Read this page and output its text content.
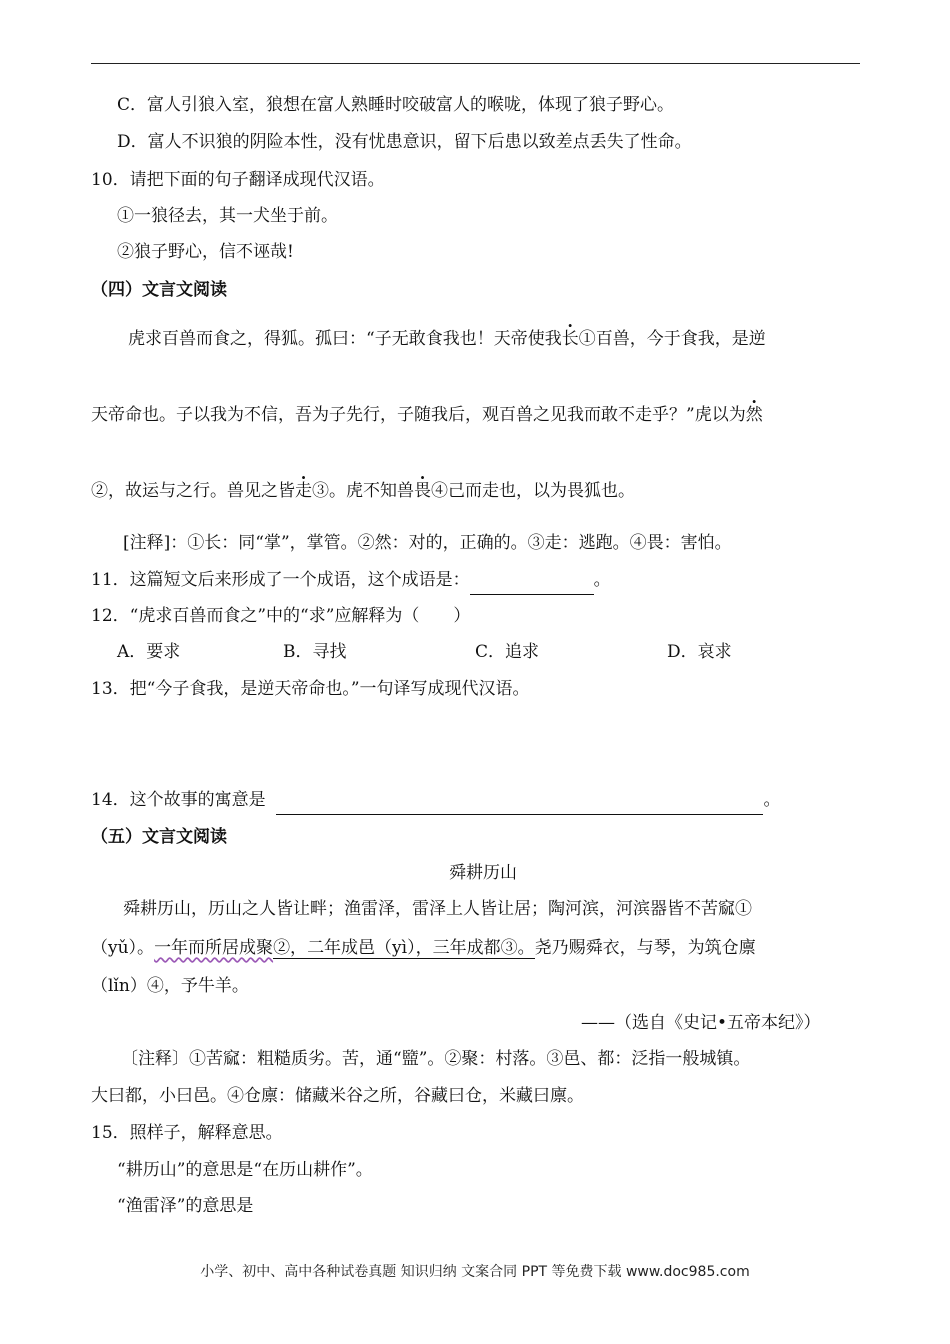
C．富人引狼入室，狼想在富人熟睡时咬破富人的喉咙，体现了狼子野心。
D．富人不识狼的阴险本性，没有忧患意识，留下后患以致差点丢失了性命。
10．请把下面的句子翻译成现代汉语。
①一狼径去，其一犬坐于前。
②狼子野心，信不诬哉!
（四）文言文阅读
虎求百兽而食之，得狐。孤曰：“子无敢食我也！天帝使我长①百兽，今于食我，是逆
天帝命也。子以我为不信，吾为子先行，子随我后，观百兽之见我而敢不走乎？”虎以为然
②，故运与之行。兽见之皆走③。虎不知兽畏④己而走也，以为畏狐也。
[注释]：①长：同“掌”，掌管。②然：对的，正确的。③走：逃跑。④畏：害怕。
11．这篇短文后来形成了一个成语，这个成语是：	。
12．“虎求百兽而食之”中的“求”应解释为（　　）
A．要求	B．寻找	C．追求	D．哀求
13．把“今子食我，是逆天帝命也。”一句译写成现代汉语。
14．这个故事的寓意是	。
（五）文言文阅读
舜耕历山
舜耕历山，历山之人皆让畔；渔雷泽，雷泽上人皆让居；陶河滨，河滨器皆不苦窳①
（yǔ）。一年而所居成聚②，二年成邑（yì），三年成都③。尧乃赐舜衣，与琴，为筑仓廪
（lǐn）④，予牛羊。
——（选自《史记•五帝本纪》）
〔注释〕①苦窳：粗糙质劣。苦，通“盬”。②聚：村落。③邑、都：泛指一般城镇。
大曰都，小曰邑。④仓廪：储藏米谷之所，谷藏曰仓，米藏曰廪。
15．照样子，解释意思。
“耕历山”的意思是“在历山耕作”。
“渔雷泽”的意思是
小学、初中、高中各种试卷真题 知识归纳 文案合同 PPT 等免费下载 www.doc985.com
